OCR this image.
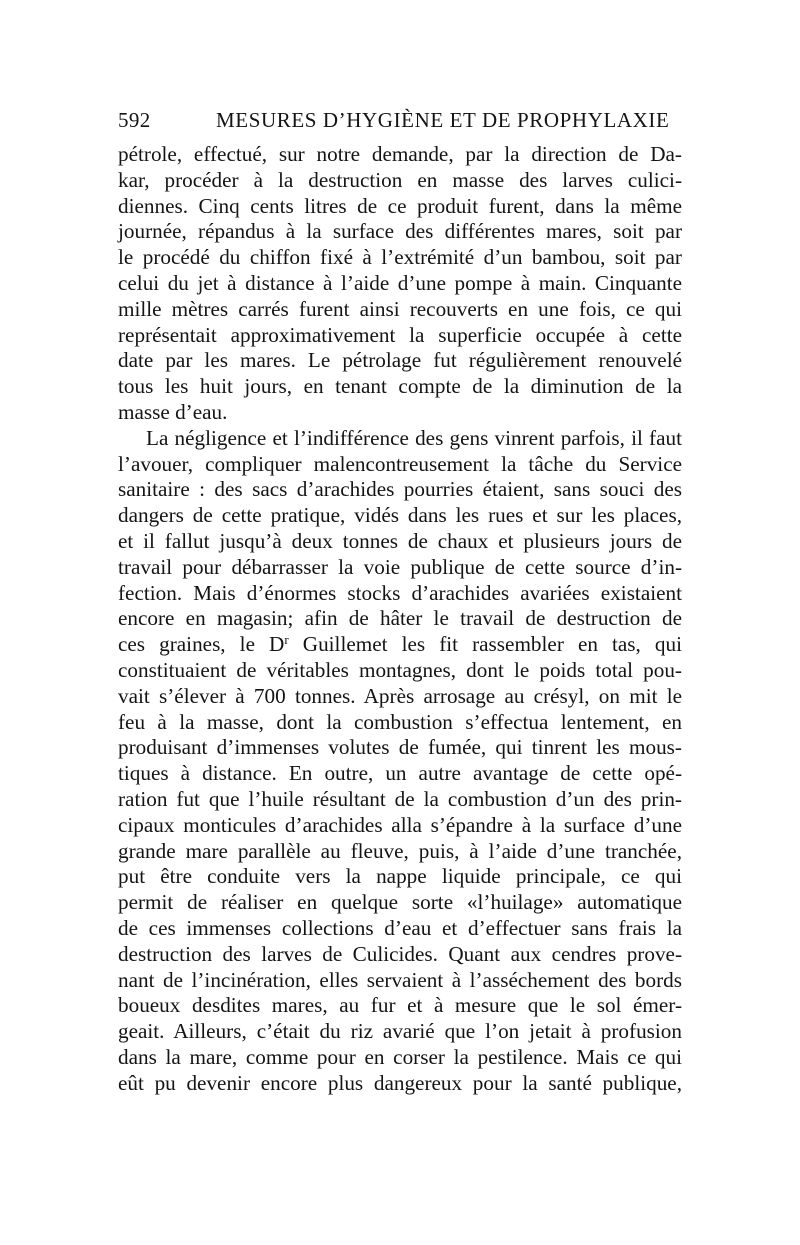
592	MESURES D’HYGIÈNE ET DE PROPHYLAXIE
pétrole, effectué, sur notre demande, par la direction de Da-
kar, procéder à la destruction en masse des larves culici-
diennes. Cinq cents litres de ce produit furent, dans la même
journée, répandus à la surface des différentes mares, soit par
le procédé du chiffon fixé à l’extrémité d’un bambou, soit par
celui du jet à distance à l’aide d’une pompe à main. Cinquante
mille mètres carrés furent ainsi recouverts en une fois, ce qui
représentait approximativement la superficie occupée à cette
date par les mares. Le pétrolage fut régulièrement renouvelé
tous les huit jours, en tenant compte de la diminution de la
masse d’eau.
La négligence et l’indifférence des gens vinrent parfois, il faut
l’avouer, compliquer malencontreusement la tâche du Service
sanitaire : des sacs d’arachides pourries étaient, sans souci des
dangers de cette pratique, vidés dans les rues et sur les places,
et il fallut jusqu’à deux tonnes de chaux et plusieurs jours de
travail pour débarrasser la voie publique de cette source d’in-
fection. Mais d’énormes stocks d’arachides avariées existaient
encore en magasin; afin de hâter le travail de destruction de
ces graines, le $D^r$ Guillemet les fit rassembler en tas, qui
constituaient de véritables montagnes, dont le poids total pou-
vait s’élever à 700 tonnes. Après arrosage au crésyl, on mit le
feu à la masse, dont la combustion s’effectua lentement, en
produisant d’immenses volutes de fumée, qui tinrent les mous-
tiques à distance. En outre, un autre avantage de cette opé-
ration fut que l’huile résultant de la combustion d’un des prin-
cipaux monticules d’arachides alla s’épandre à la surface d’une
grande mare parallèle au fleuve, puis, à l’aide d’une tranchée,
put être conduite vers la nappe liquide principale, ce qui
permit de réaliser en quelque sorte «l’huilage» automatique
de ces immenses collections d’eau et d’effectuer sans frais la
destruction des larves de Culicides. Quant aux cendres prove-
nant de l’incinération, elles servaient à l’asséchement des bords
boueux desdites mares, au fur et à mesure que le sol émer-
geait. Ailleurs, c’était du riz avarié que l’on jetait à profusion
dans la mare, comme pour en corser la pestilence. Mais ce qui
eût pu devenir encore plus dangereux pour la santé publique,
